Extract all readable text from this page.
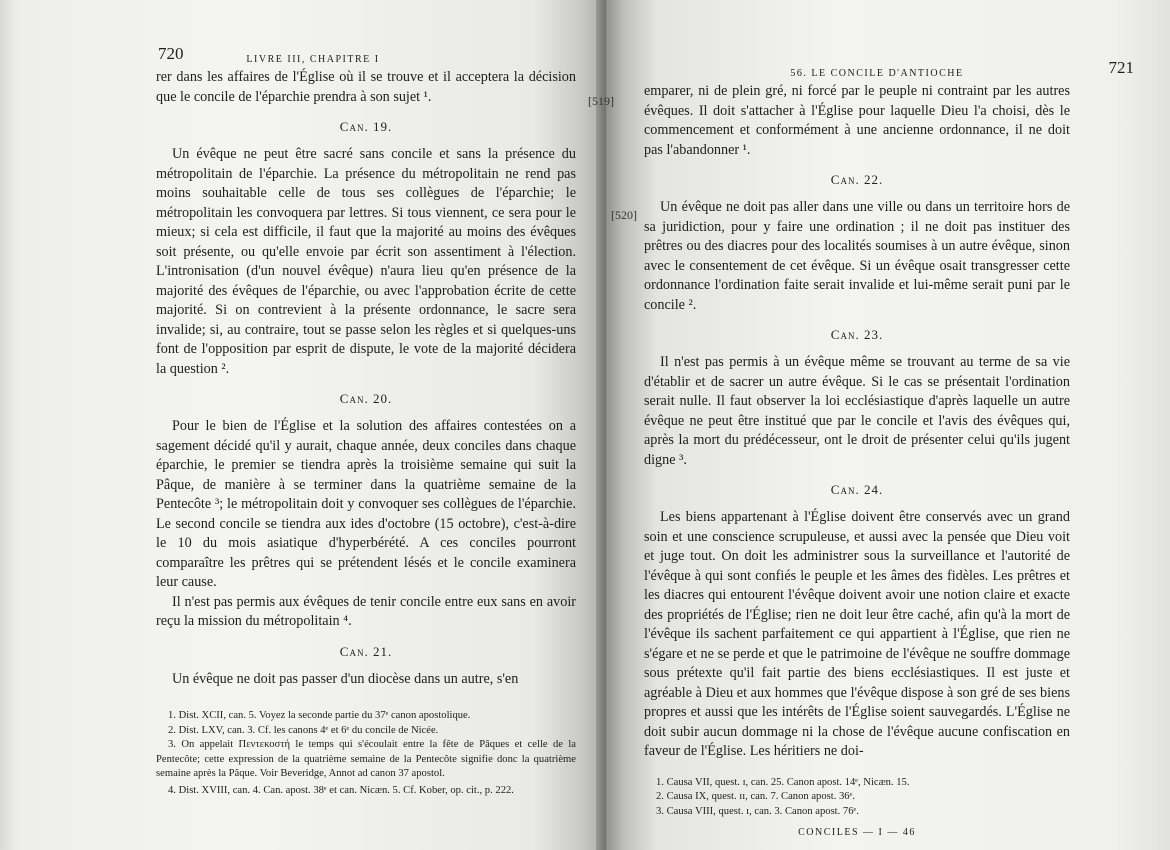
720	LIVRE III, CHAPITRE I

rer dans les affaires de l'Église où il se trouve et il acceptera la décision que le concile de l'éparchie prendra à son sujet ¹.

Can. 19.

Un évêque ne peut être sacré sans concile et sans la présence du métropolitain de l'éparchie. La présence du métropolitain ne rend pas moins souhaitable celle de tous ses collègues de l'éparchie; le métropolitain les convoquera par lettres. Si tous viennent, ce sera pour le mieux; si cela est difficile, il faut que la majorité au moins des évêques soit présente, ou qu'elle envoie par écrit son assentiment à l'élection. L'intronisation (d'un nouvel évêque) n'aura lieu qu'en présence de la majorité des évêques de l'éparchie, ou avec l'approbation écrite de cette majorité. Si on contrevient à la présente ordonnance, le sacre sera invalide; si, au contraire, tout se passe selon les règles et si quelques-uns font de l'opposition par esprit de dispute, le vote de la majorité décidera la question ².

Can. 20.

Pour le bien de l'Église et la solution des affaires contestées on a sagement décidé qu'il y aurait, chaque année, deux conciles dans chaque éparchie, le premier se tiendra après la troisième semaine qui suit la Pâque, de manière à se terminer dans la quatrième semaine de la Pentecôte ³; le métropolitain doit y convoquer ses collègues de l'éparchie. Le second concile se tiendra aux ides d'octobre (15 octobre), c'est-à-dire le 10 du mois asiatique d'hyperbérété. A ces conciles pourront comparaître les prêtres qui se prétendent lésés et le concile examinera leur cause.

Il n'est pas permis aux évêques de tenir concile entre eux sans en avoir reçu la mission du métropolitain ⁴.

Can. 21.

Un évêque ne doit pas passer d'un diocèse dans un autre, s'en

1. Dist. XCII, can. 5. Voyez la seconde partie du 37ᵉ canon apostolique.

2. Dist. LXV, can. 3. Cf. les canons 4ᵉ et 6ᵉ du concile de Nicée.

3. On appelait Πεντεκοστή le temps qui s'écoulait entre la fête de Pâques et celle de la Pentecôte; cette expression de la quatrième semaine de la Pentecôte signifie donc la quatrième semaine après la Pâque. Voir Beveridge, Annot ad canon 37 apostol.

4. Dist. XVIII, can. 4. Can. apost. 38ᵉ et can. Nicæn. 5. Cf. Kober, op. cit., p. 222.

56. LE CONCILE D'ANTIOCHE	721

emparer, ni de plein gré, ni forcé par le peuple ni contraint par les autres évêques. Il doit s'attacher à l'Église pour laquelle Dieu l'a choisi, dès le commencement et conformément à une ancienne ordonnance, il ne doit pas l'abandonner ¹.

Can. 22.

Un évêque ne doit pas aller dans une ville ou dans un territoire hors de sa juridiction, pour y faire une ordination ; il ne doit pas instituer des prêtres ou des diacres pour des localités soumises à un autre évêque, sinon avec le consentement de cet évêque. Si un évêque osait transgresser cette ordonnance l'ordination faite serait invalide et lui-même serait puni par le concile ².

Can. 23.

Il n'est pas permis à un évêque même se trouvant au terme de sa vie d'établir et de sacrer un autre évêque. Si le cas se présentait l'ordination serait nulle. Il faut observer la loi ecclésiastique d'après laquelle un autre évêque ne peut être institué que par le concile et l'avis des évêques qui, après la mort du prédécesseur, ont le droit de présenter celui qu'ils jugent digne ³.

Can. 24.

Les biens appartenant à l'Église doivent être conservés avec un grand soin et une conscience scrupuleuse, et aussi avec la pensée que Dieu voit et juge tout. On doit les administrer sous la surveillance et l'autorité de l'évêque à qui sont confiés le peuple et les âmes des fidèles. Les prêtres et les diacres qui entourent l'évêque doivent avoir une notion claire et exacte des propriétés de l'Église; rien ne doit leur être caché, afin qu'à la mort de l'évêque ils sachent parfaitement ce qui appartient à l'Église, que rien ne s'égare et ne se perde et que le patrimoine de l'évêque ne souffre dommage sous prétexte qu'il fait partie des biens ecclésiastiques. Il est juste et agréable à Dieu et aux hommes que l'évêque dispose à son gré de ses biens propres et aussi que les intérêts de l'Église soient sauvegardés. L'Église ne doit subir aucun dommage ni la chose de l'évêque aucune confiscation en faveur de l'Église. Les héritiers ne doi-

1. Causa VII, quest. ɪ, can. 25. Canon apost. 14ᵉ, Nicæn. 15.

2. Causa IX, quest. ɪɪ, can. 7. Canon apost. 36ᵉ.

3. Causa VIII, quest. ɪ, can. 3. Canon apost. 76ᵉ.

CONCILES — I — 46
[519]
[520]
